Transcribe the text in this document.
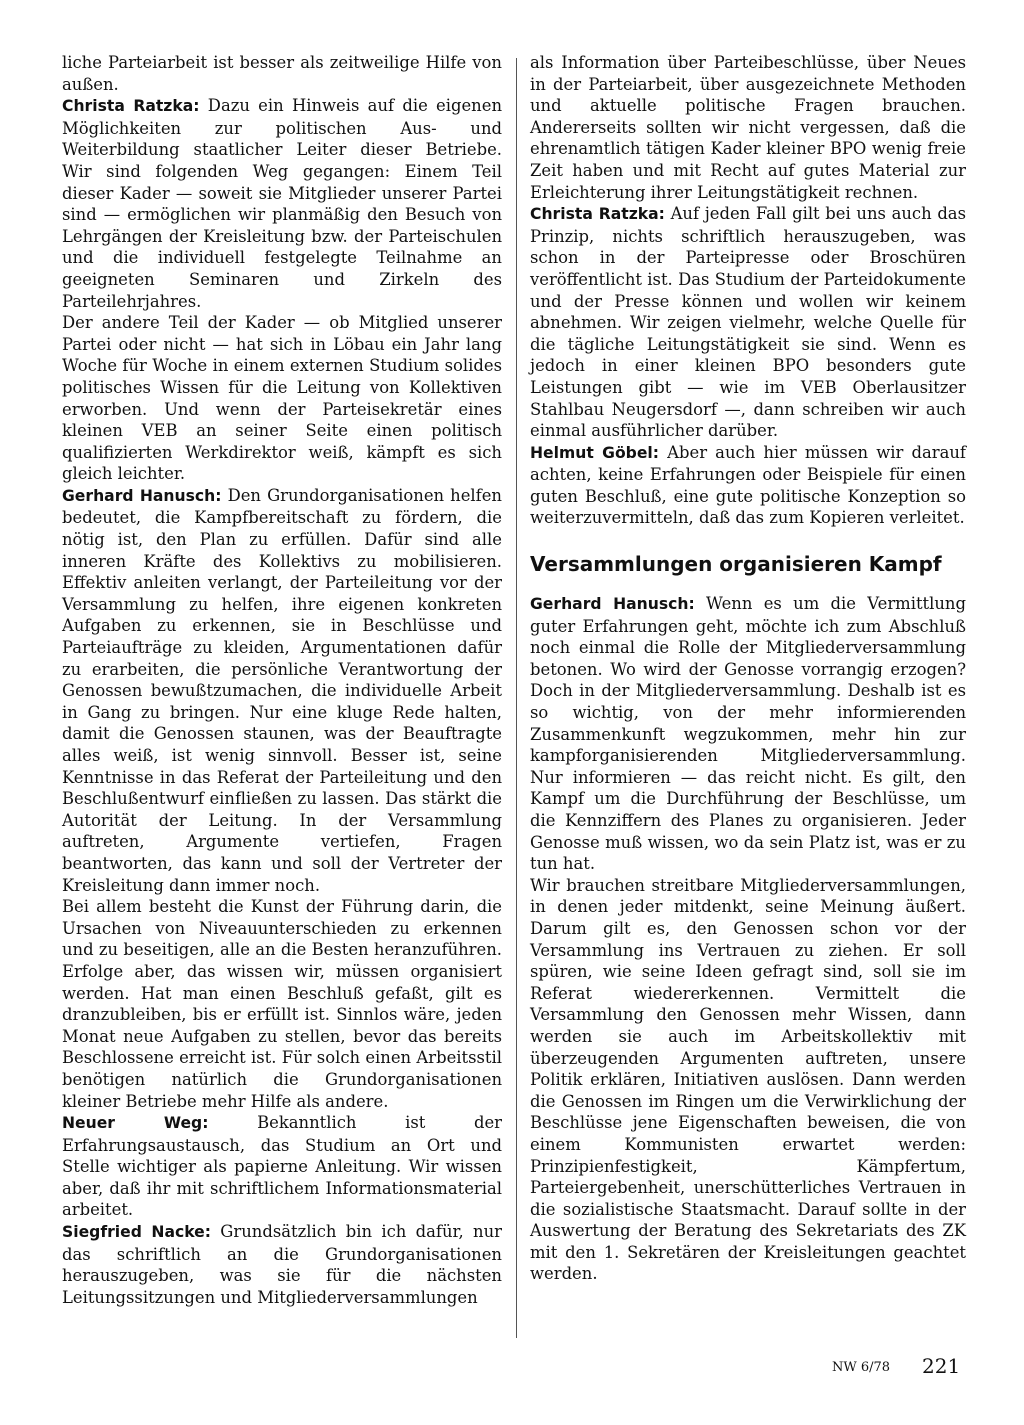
liche Parteiarbeit ist besser als zeitweilige Hilfe von außen.

Christa Ratzka: Dazu ein Hinweis auf die eigenen Möglichkeiten zur politischen Aus- und Weiterbildung staatlicher Leiter dieser Betriebe. Wir sind folgenden Weg gegangen: Einem Teil dieser Kader — soweit sie Mitglieder unserer Partei sind — ermöglichen wir planmäßig den Besuch von Lehrgängen der Kreisleitung bzw. der Parteischulen und die individuell festgelegte Teilnahme an geeigneten Seminaren und Zirkeln des Parteilehrjahres.

Der andere Teil der Kader — ob Mitglied unserer Partei oder nicht — hat sich in Löbau ein Jahr lang Woche für Woche in einem externen Studium solides politisches Wissen für die Leitung von Kollektiven erworben. Und wenn der Parteisekretär eines kleinen VEB an seiner Seite einen politisch qualifizierten Werkdirektor weiß, kämpft es sich gleich leichter.

Gerhard Hanusch: Den Grundorganisationen helfen bedeutet, die Kampfbereitschaft zu fördern, die nötig ist, den Plan zu erfüllen. Dafür sind alle inneren Kräfte des Kollektivs zu mobilisieren. Effektiv anleiten verlangt, der Parteileitung vor der Versammlung zu helfen, ihre eigenen konkreten Aufgaben zu erkennen, sie in Beschlüsse und Parteiaufträge zu kleiden, Argumentationen dafür zu erarbeiten, die persönliche Verantwortung der Genossen bewußtzumachen, die individuelle Arbeit in Gang zu bringen. Nur eine kluge Rede halten, damit die Genossen staunen, was der Beauftragte alles weiß, ist wenig sinnvoll. Besser ist, seine Kenntnisse in das Referat der Parteileitung und den Beschlußentwurf einfließen zu lassen. Das stärkt die Autorität der Leitung. In der Versammlung auftreten, Argumente vertiefen, Fragen beantworten, das kann und soll der Vertreter der Kreisleitung dann immer noch.

Bei allem besteht die Kunst der Führung darin, die Ursachen von Niveauunterschieden zu erkennen und zu beseitigen, alle an die Besten heranzuführen. Erfolge aber, das wissen wir, müssen organisiert werden. Hat man einen Beschluß gefaßt, gilt es dranzubleiben, bis er erfüllt ist. Sinnlos wäre, jeden Monat neue Aufgaben zu stellen, bevor das bereits Beschlossene erreicht ist. Für solch einen Arbeitsstil benötigen natürlich die Grundorganisationen kleiner Betriebe mehr Hilfe als andere.

Neuer Weg: Bekanntlich ist der Erfahrungsaustausch, das Studium an Ort und Stelle wichtiger als papierne Anleitung. Wir wissen aber, daß ihr mit schriftlichem Informationsmaterial arbeitet.

Siegfried Nacke: Grundsätzlich bin ich dafür, nur das schriftlich an die Grundorganisationen herauszugeben, was sie für die nächsten Leitungssitzungen und Mitgliederversammlungen

als Information über Parteibeschlüsse, über Neues in der Parteiarbeit, über ausgezeichnete Methoden und aktuelle politische Fragen brauchen. Andererseits sollten wir nicht vergessen, daß die ehrenamtlich tätigen Kader kleiner BPO wenig freie Zeit haben und mit Recht auf gutes Material zur Erleichterung ihrer Leitungstätigkeit rechnen.

Christa Ratzka: Auf jeden Fall gilt bei uns auch das Prinzip, nichts schriftlich herauszugeben, was schon in der Parteipresse oder Broschüren veröffentlicht ist. Das Studium der Parteidokumente und der Presse können und wollen wir keinem abnehmen. Wir zeigen vielmehr, welche Quelle für die tägliche Leitungstätigkeit sie sind. Wenn es jedoch in einer kleinen BPO besonders gute Leistungen gibt — wie im VEB Oberlausitzer Stahlbau Neugersdorf —, dann schreiben wir auch einmal ausführlicher darüber.

Helmut Göbel: Aber auch hier müssen wir darauf achten, keine Erfahrungen oder Beispiele für einen guten Beschluß, eine gute politische Konzeption so weiterzuvermitteln, daß das zum Kopieren verleitet.

Versammlungen organisieren Kampf

Gerhard Hanusch: Wenn es um die Vermittlung guter Erfahrungen geht, möchte ich zum Abschluß noch einmal die Rolle der Mitgliederversammlung betonen. Wo wird der Genosse vorrangig erzogen? Doch in der Mitgliederversammlung. Deshalb ist es so wichtig, von der mehr informierenden Zusammenkunft wegzukommen, mehr hin zur kampforganisierenden Mitgliederversammlung. Nur informieren — das reicht nicht. Es gilt, den Kampf um die Durchführung der Beschlüsse, um die Kennziffern des Planes zu organisieren. Jeder Genosse muß wissen, wo da sein Platz ist, was er zu tun hat.

Wir brauchen streitbare Mitgliederversammlungen, in denen jeder mitdenkt, seine Meinung äußert. Darum gilt es, den Genossen schon vor der Versammlung ins Vertrauen zu ziehen. Er soll spüren, wie seine Ideen gefragt sind, soll sie im Referat wiedererkennen. Vermittelt die Versammlung den Genossen mehr Wissen, dann werden sie auch im Arbeitskollektiv mit überzeugenden Argumenten auftreten, unsere Politik erklären, Initiativen auslösen. Dann werden die Genossen im Ringen um die Verwirklichung der Beschlüsse jene Eigenschaften beweisen, die von einem Kommunisten erwartet werden: Prinzipienfestigkeit, Kämpfertum, Parteiergebenheit, unerschütterliches Vertrauen in die sozialistische Staatsmacht. Darauf sollte in der Auswertung der Beratung des Sekretariats des ZK mit den 1. Sekretären der Kreisleitungen geachtet werden.

NW 6/78 221
